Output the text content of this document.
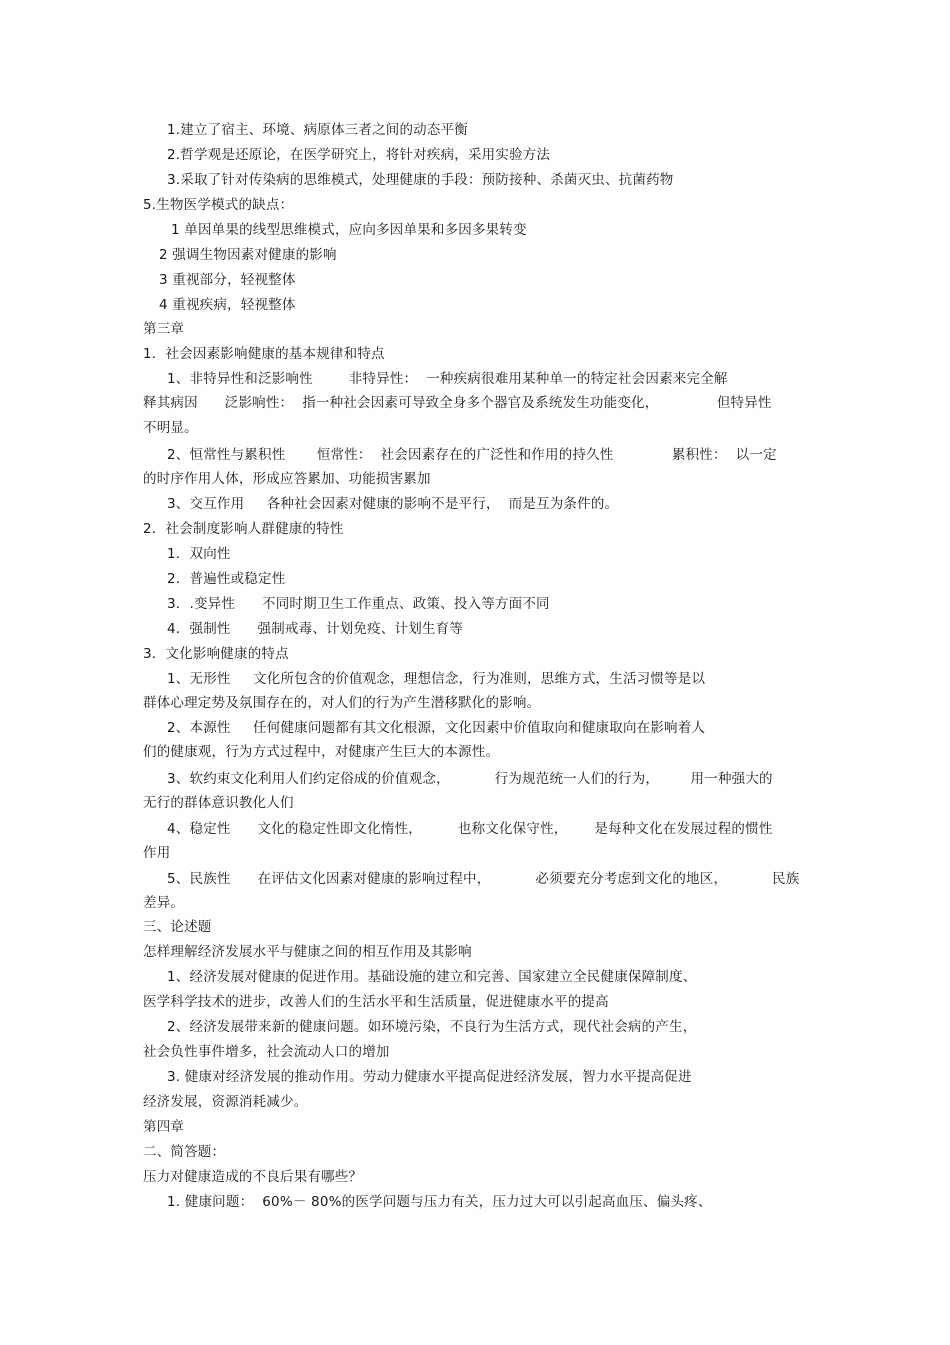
1.建立了宿主、环境、病原体三者之间的动态平衡
2.哲学观是还原论，在医学研究上，将针对疾病，采用实验方法
3.采取了针对传染病的思维模式，处理健康的手段：预防接种、杀菌灭虫、抗菌药物
5.生物医学模式的缺点：
1 单因单果的线型思维模式，应向多因单果和多因多果转变
2 强调生物因素对健康的影响
3 重视部分，轻视整体
4 重视疾病，轻视整体
第三章
1．社会因素影响健康的基本规律和特点
1、非特异性和泛影响性        非特异性：  一种疾病很难用某种单一的特定社会因素来完全解
释其病因      泛影响性：  指一种社会因素可导致全身多个器官及系统发生功能变化，             但特异性
不明显。
2、恒常性与累积性       恒常性：  社会因素存在的广泛性和作用的持久性             累积性：  以一定
的时序作用人体，形成应答累加、功能损害累加
3、交互作用     各种社会因素对健康的影响不是平行，  而是互为条件的。
2．社会制度影响人群健康的特性
1．双向性
2．普遍性或稳定性
3．.变异性      不同时期卫生工作重点、政策、投入等方面不同
4．强制性      强制戒毒、计划免疫、计划生育等
3．文化影响健康的特点
1、无形性     文化所包含的价值观念，理想信念，行为准则，思维方式，生活习惯等是以
群体心理定势及氛围存在的，对人们的行为产生潜移默化的影响。
2、本源性     任何健康问题都有其文化根源，文化因素中价值取向和健康取向在影响着人
们的健康观，行为方式过程中，对健康产生巨大的本源性。
3、软约束文化利用人们约定俗成的价值观念，          行为规范统一人们的行为，       用一种强大的
无行的群体意识教化人们
4、稳定性      文化的稳定性即文化惰性，        也称文化保守性，      是每种文化在发展过程的惯性
作用
5、民族性      在评估文化因素对健康的影响过程中，          必须要充分考虑到文化的地区，          民族
差异。
三、论述题
怎样理解经济发展水平与健康之间的相互作用及其影响
1、经济发展对健康的促进作用。基础设施的建立和完善、国家建立全民健康保障制度、
医学科学技术的进步，改善人们的生活水平和生活质量，促进健康水平的提高
2、经济发展带来新的健康问题。如环境污染，不良行为生活方式，现代社会病的产生，
社会负性事件增多，社会流动人口的增加
3. 健康对经济发展的推动作用。劳动力健康水平提高促进经济发展，智力水平提高促进
经济发展，资源消耗减少。
第四章
二、简答题：
压力对健康造成的不良后果有哪些？
1. 健康问题：  60%－ 80%的医学问题与压力有关，压力过大可以引起高血压、偏头疼、
